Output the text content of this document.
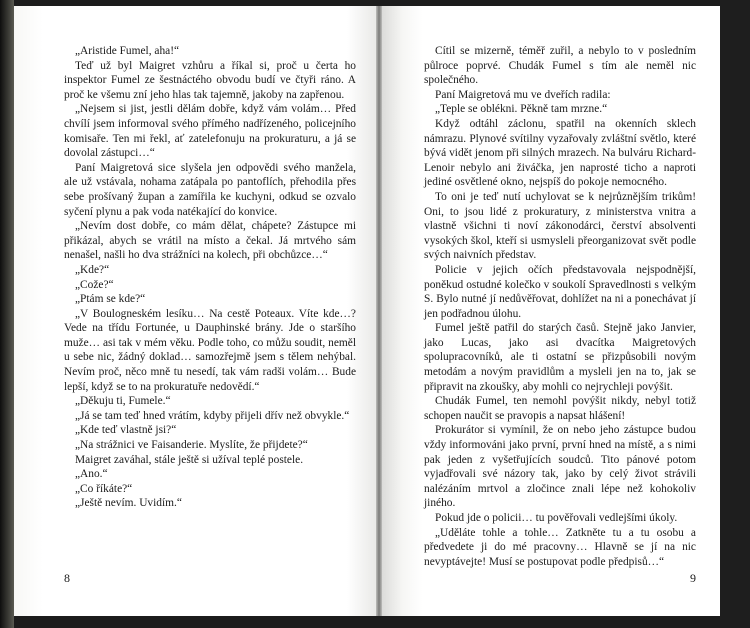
„Aristide Fumel, aha!“

Teď už byl Maigret vzhůru a říkal si, proč u čerta ho inspektor Fumel ze šestnáctého obvodu budí ve čtyři ráno. A proč ke všemu zní jeho hlas tak tajemně, jakoby na zapřenou.

„Nejsem si jist, jestli dělám dobře, když vám volám… Před chvílí jsem informoval svého přímého nadřízeného, policejního komisaře. Ten mi řekl, ať zatelefonuju na prokuraturu, a já se dovolal zástupci…“

Paní Maigretová sice slyšela jen odpovědi svého manžela, ale už vstávala, nohama zatápala po pantoflích, přehodila přes sebe prošívaný župan a zamířila ke kuchyni, odkud se ozvalo syčení plynu a pak voda natékající do konvice.

„Nevím dost dobře, co mám dělat, chápete? Zástupce mi přikázal, abych se vrátil na místo a čekal. Já mrtvého sám nenašel, našli ho dva strážníci na kolech, při obchůzce…“

„Kde?“

„Cože?“

„Ptám se kde?“

„V Boulogneském lesíku… Na cestě Poteaux. Víte kde…? Vede na třídu Fortunée, u Dauphinské brány. Jde o staršího muže… asi tak v mém věku. Podle toho, co můžu soudit, neměl u sebe nic, žádný doklad… samozřejmě jsem s tělem nehýbal. Nevím proč, něco mně tu nesedí, tak vám radši volám… Bude lepší, když se to na prokuratuře nedovědí.“

„Děkuju ti, Fumele.“

„Já se tam teď hned vrátím, kdyby přijeli dřív než obvykle.“

„Kde teď vlastně jsi?“

„Na strážnici ve Faisanderie. Myslíte, že přijdete?“

Maigret zaváhal, stále ještě si užíval teplé postele.

„Ano.“

„Co říkáte?“

„Ještě nevím. Uvidím.“

8

Cítil se mizerně, téměř zuřil, a nebylo to v posledním půlroce poprvé. Chudák Fumel s tím ale neměl nic společného.

Paní Maigretová mu ve dveřích radila:

„Teple se oblékni. Pěkně tam mrzne.“

Když odtáhl záclonu, spatřil na okenních sklech námrazu. Plynové svítilny vyzařovaly zvláštní světlo, které bývá vidět jenom při silných mrazech. Na bulváru Richard-Lenoir nebylo ani živáčka, jen naprosté ticho a naproti jediné osvětlené okno, nejspíš do pokoje nemocného.

To oni je teď nutí uchylovat se k nejrůznějším trikům! Oni, to jsou lidé z prokuratury, z ministerstva vnitra a vlastně všichni ti noví zákonodárci, čerství absolventi vysokých škol, kteří si usmysleli přeorganizovat svět podle svých naivních představ.

Policie v jejich očích představovala nejspodnější, poněkud ostudné kolečko v soukolí Spravedlnosti s velkým S. Bylo nutné jí nedůvěřovat, dohlížet na ni a ponechávat jí jen podřadnou úlohu.

Fumel ještě patřil do starých časů. Stejně jako Janvier, jako Lucas, jako asi dvacítka Maigretových spolupracovníků, ale ti ostatní se přizpůsobili novým metodám a novým pravidlům a mysleli jen na to, jak se připravit na zkoušky, aby mohli co nejrychleji povýšit.

Chudák Fumel, ten nemohl povýšit nikdy, nebyl totiž schopen naučit se pravopis a napsat hlášení!

Prokurátor si vymínil, že on nebo jeho zástupce budou vždy informováni jako první, první hned na místě, a s nimi pak jeden z vyšetřujících soudců. Tito pánové potom vyjadřovali své názory tak, jako by celý život strávili nalézáním mrtvol a zločince znali lépe než kohokoliv jiného.

Pokud jde o policii… tu pověřovali vedlejšími úkoly.

„Uděláte tohle a tohle… Zatkněte tu a tu osobu a předvedete ji do mé pracovny… Hlavně se jí na nic nevyptávejte! Musí se postupovat podle předpisů…“

9
